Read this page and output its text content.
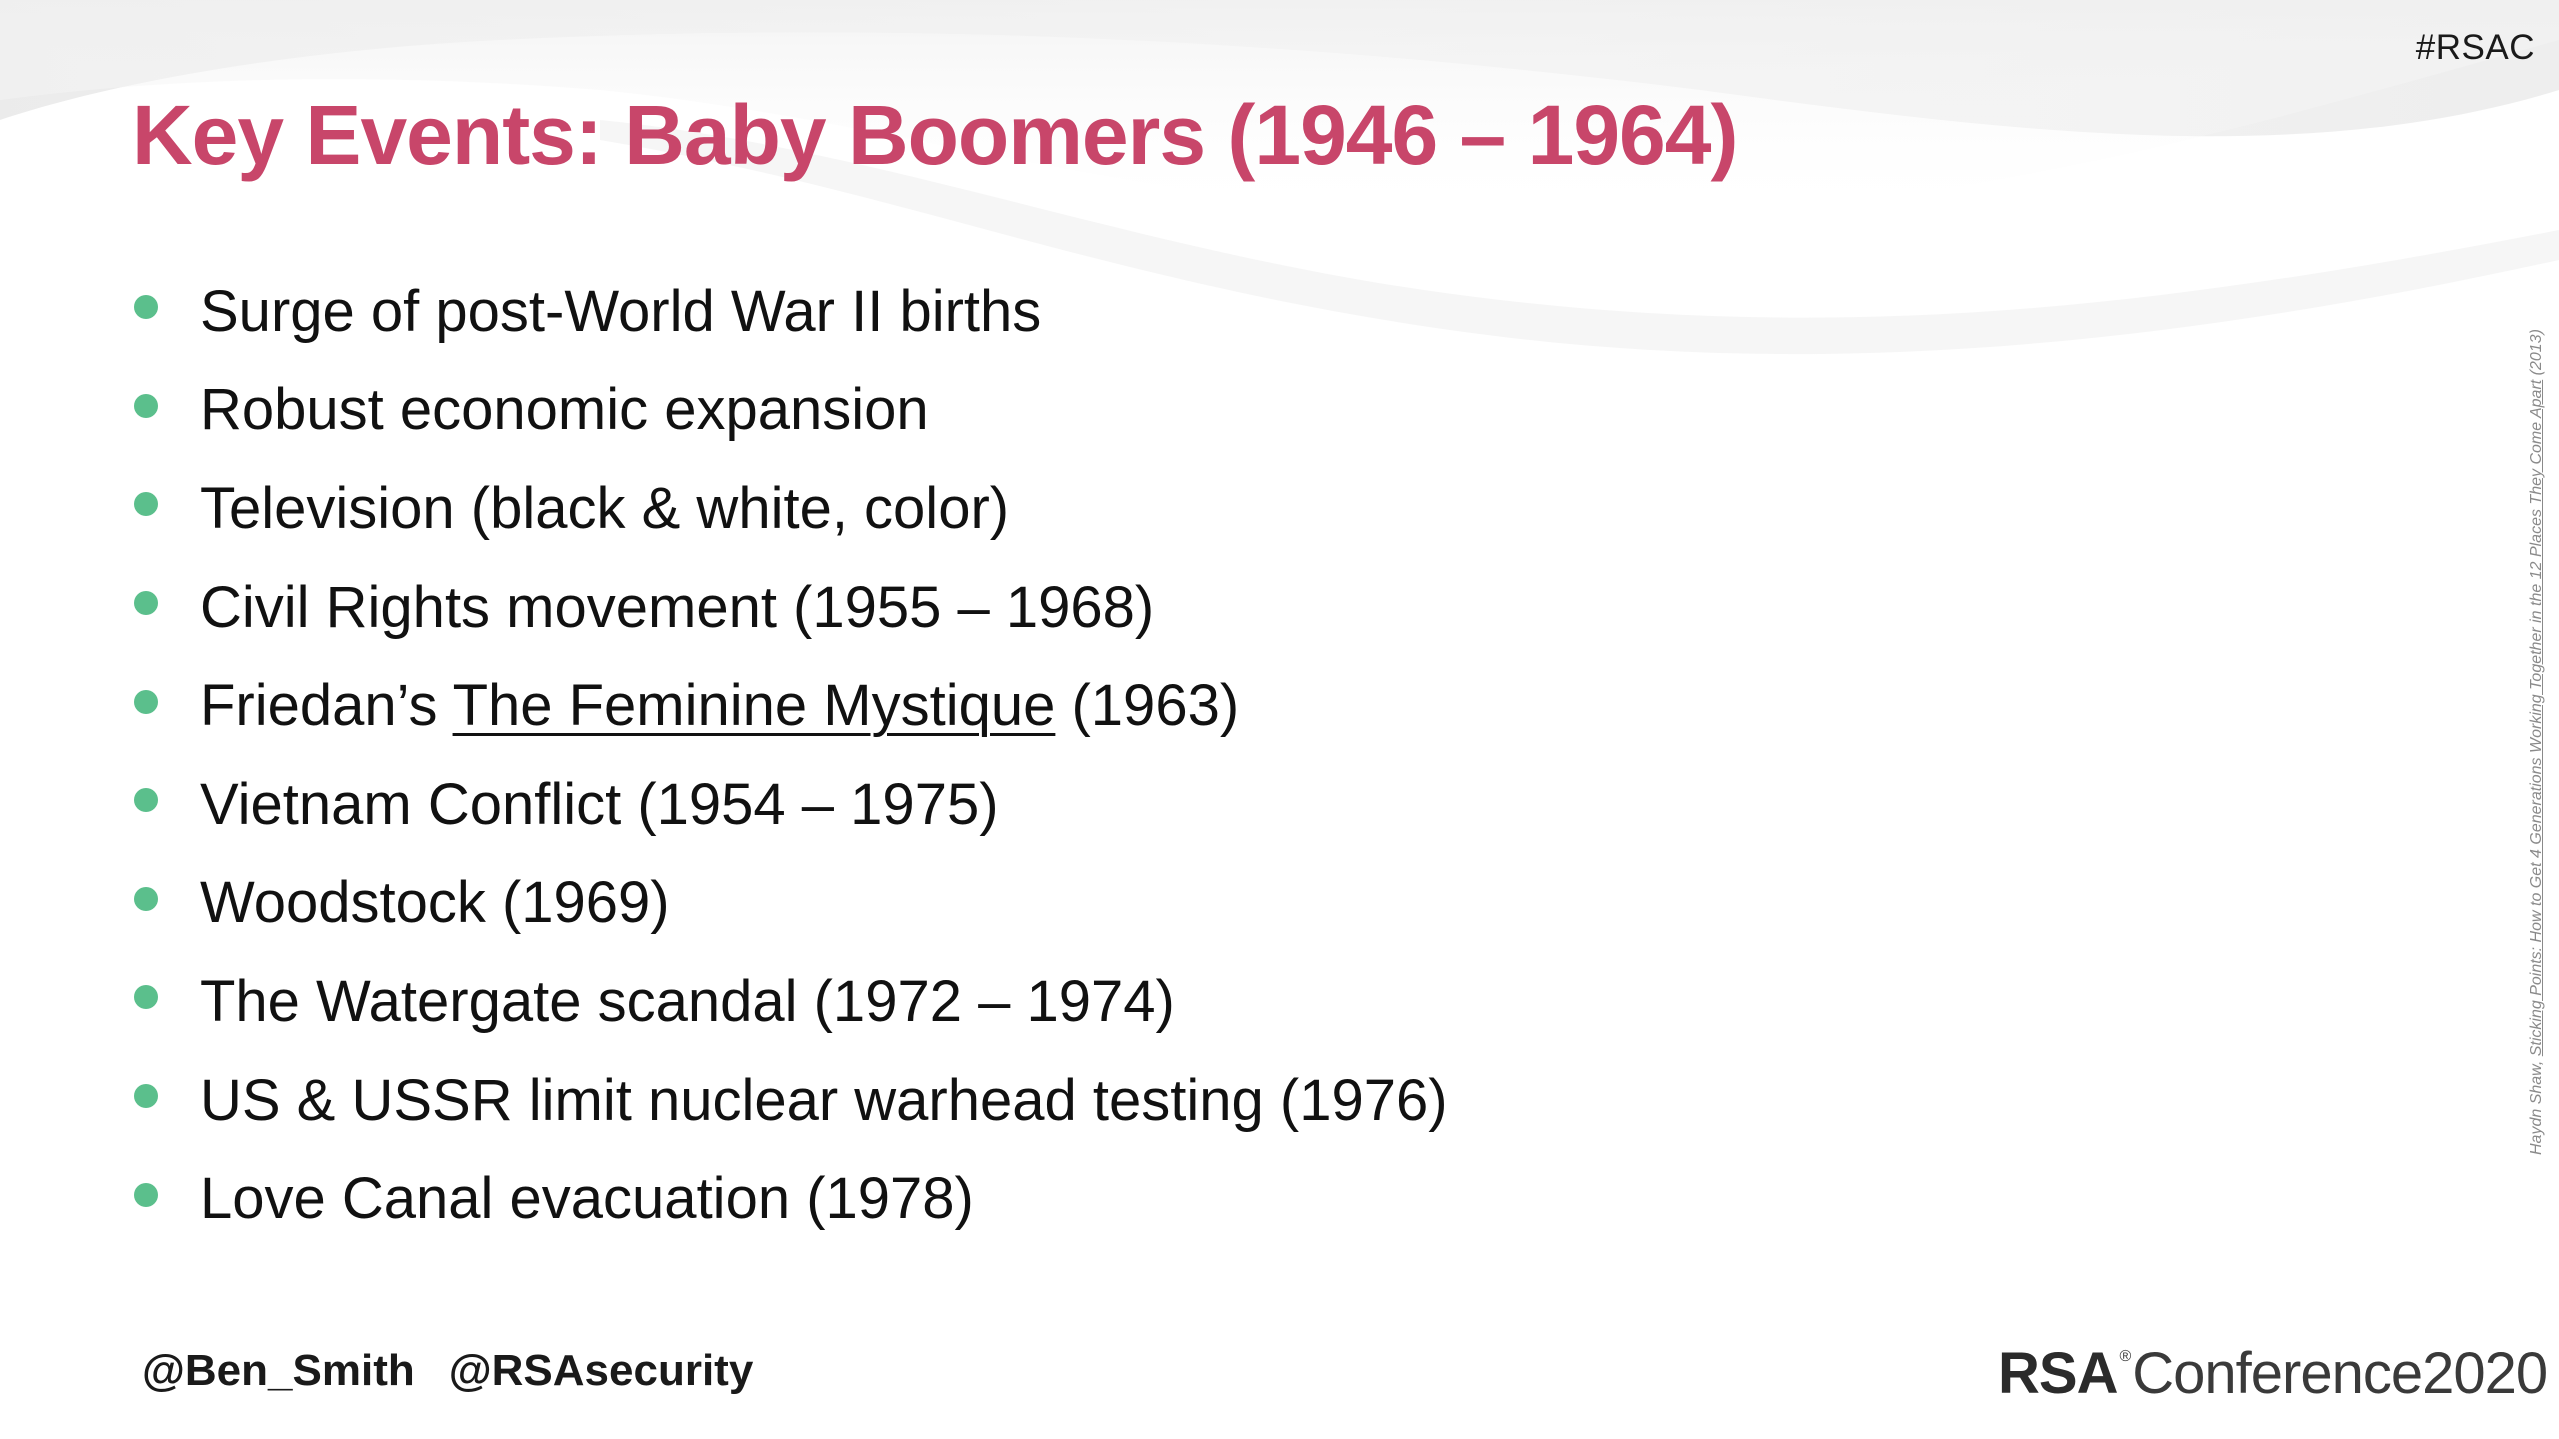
#RSAC
Key Events: Baby Boomers (1946 – 1964)
Surge of post-World War II births
Robust economic expansion
Television (black & white, color)
Civil Rights movement (1955 – 1968)
Friedan’s The Feminine Mystique (1963)
Vietnam Conflict (1954 – 1975)
Woodstock (1969)
The Watergate scandal (1972 – 1974)
US & USSR limit nuclear warhead testing (1976)
Love Canal evacuation (1978)
Haydn Shaw, Sticking Points: How to Get 4 Generations Working Together in the 12 Places They Come Apart (2013)
@Ben_Smith @RSAsecurity	RSA ®Conference2020
